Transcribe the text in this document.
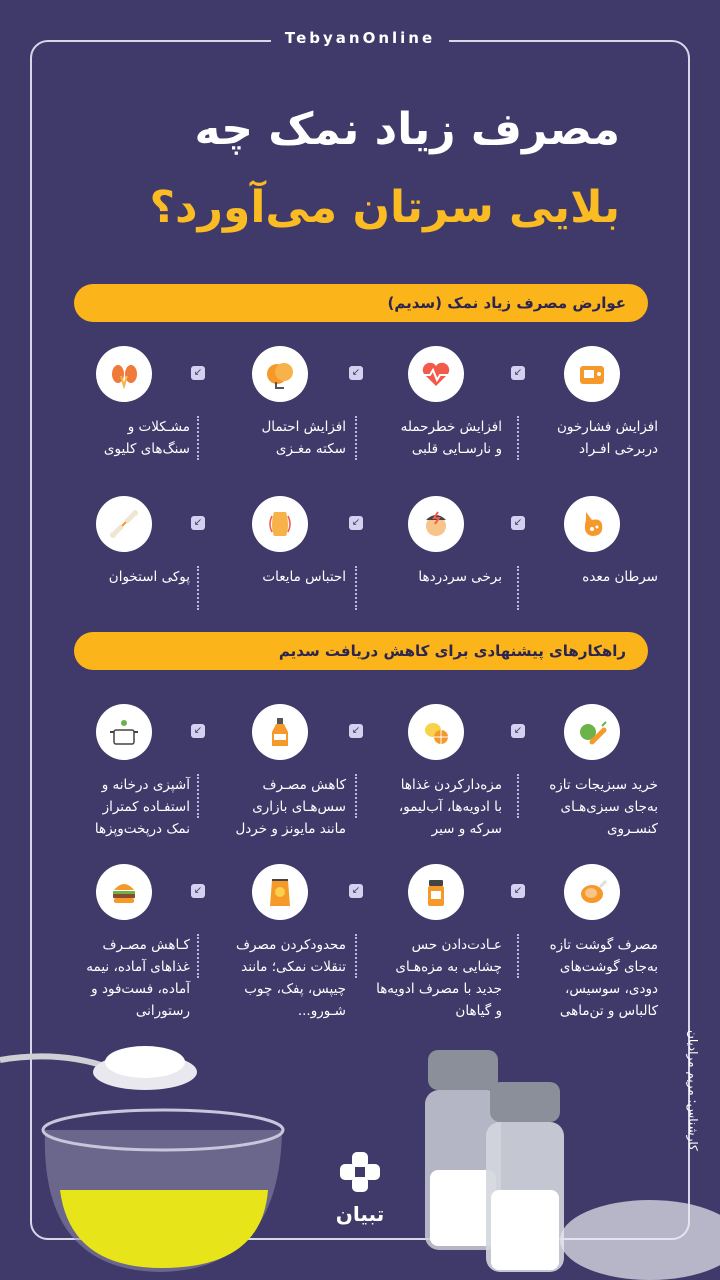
TebyanOnline
مصرف زیاد نمک چه
بلایی سرتان می‌آورد؟
عوارض مصرف زیاد نمک (سدیم)
راهکارهای پیشنهادی برای کاهش دریافت سدیم
افزایش فشارخون
دربرخی افـراد
افزایش خطرحمله
و نارسـایی قلبی
افزایش احتمال
سکته مغـزی
مشـکلات و
سنگ‌های کلیوی
سرطان معده
برخی سردردها
احتباس مایعات
پوکی استخوان
↙
↙
↙
↙
↙
↙
خرید سبزیجات تازه
به‌جای سبزی‌هـای
کنسـروی
مزه‌دارکردن غذاها
با ادویه‌ها، آب‌لیمو،
سرکه و سیر
کاهش مصـرف
سس‌هـای بازاری
مانند مایونز و خردل
آشپزی درخانه و
استفـاده کمتراز
نمک درپخت‌وپزها
مصرف گوشت تازه
به‌جای گوشت‌های
دودی، سوسیس،
کالباس و تن‌ماهی
عـادت‌دادن حس
چشایی به مزه‌هـای
جدید با مصرف ادویه‌ها
و گیاهان
محدودکردن مصرف
تنقلات نمکی؛ مانند
چیپس، پفک، چوب
شـورو...
کـاهش مصـرف
غذاهای آماده، نیمه
آماده، فست‌فود و
رستورانی
↙
↙
↙
↙
↙
↙
کارشناس: مریم مرادیان
تبیان
